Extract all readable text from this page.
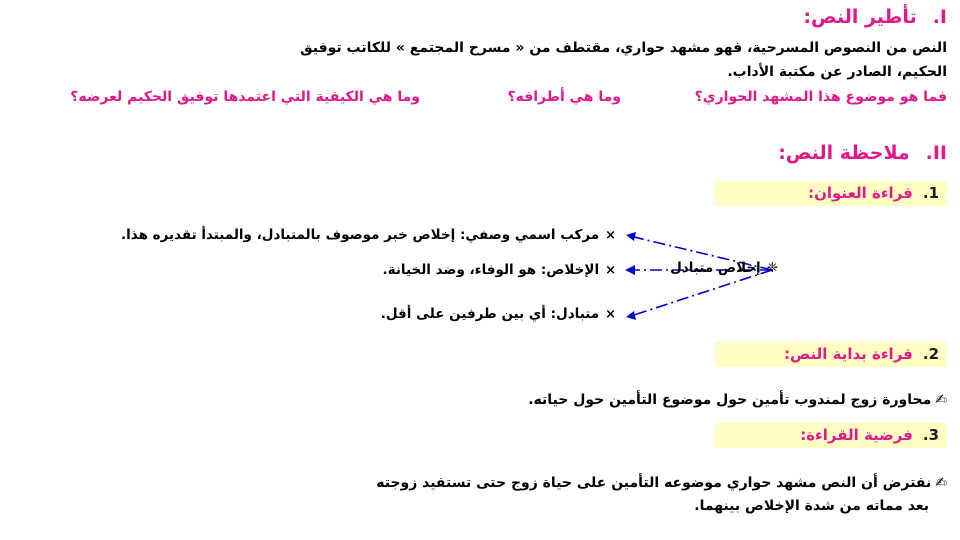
I.تأطير النص:
النص من النصوص المسرحية، فهو مشهد حواري، مقتطف من « مسرح المجتمع » للكاتب توفيق
الحكيم، الصادر عن مكتبة الأداب.
فما هو موضوع هذا المشهد الحواري؟
وما هي أطرافه؟
وما هي الكيفية التي اعتمدها توفيق الحكيم لعرضه؟
II.ملاحظة النص:
1.قراءة العنوان:
❈إخلاص متبادل
×مركب اسمي وصفي: إخلاص خبر موصوف بالمتبادل، والمبتدأ تقديره هذا.
×الإخلاص: هو الوفاء، وضد الخيانة.
×متبادل: أي بين طرفين على أقل.
2.قراءة بداية النص:
✍محاورة زوج لمندوب تأمين حول موضوع التأمين حول حياته.
3.فرضية القراءة:
✍نفترض أن النص مشهد حواري موضوعه التأمين على حياة زوج حتى تستفيد زوجته
بعد مماته من شدة الإخلاص بينهما.
